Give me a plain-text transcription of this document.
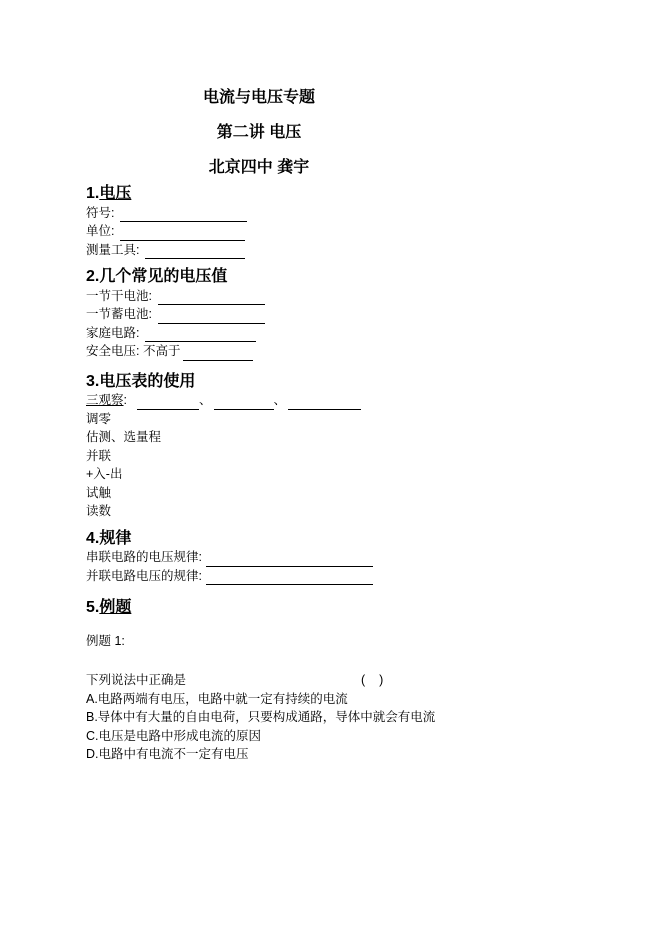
电流与电压专题
第二讲 电压
北京四中 龚宇
1.电压
符号:
单位:
测量工具:
2.几个常见的电压值
一节干电池:
一节蓄电池:
家庭电路:
安全电压: 不高于
3.电压表的使用
三观察:	、	、
调零
估测、选量程
并联
+入-出
试触
读数
4.规律
串联电路的电压规律:
并联电路电压的规律:
5.例题
例题 1:
下列说法中正确是	(    )
A.电路两端有电压，电路中就一定有持续的电流
B.导体中有大量的自由电荷，只要构成通路，导体中就会有电流
C.电压是电路中形成电流的原因
D.电路中有电流不一定有电压
